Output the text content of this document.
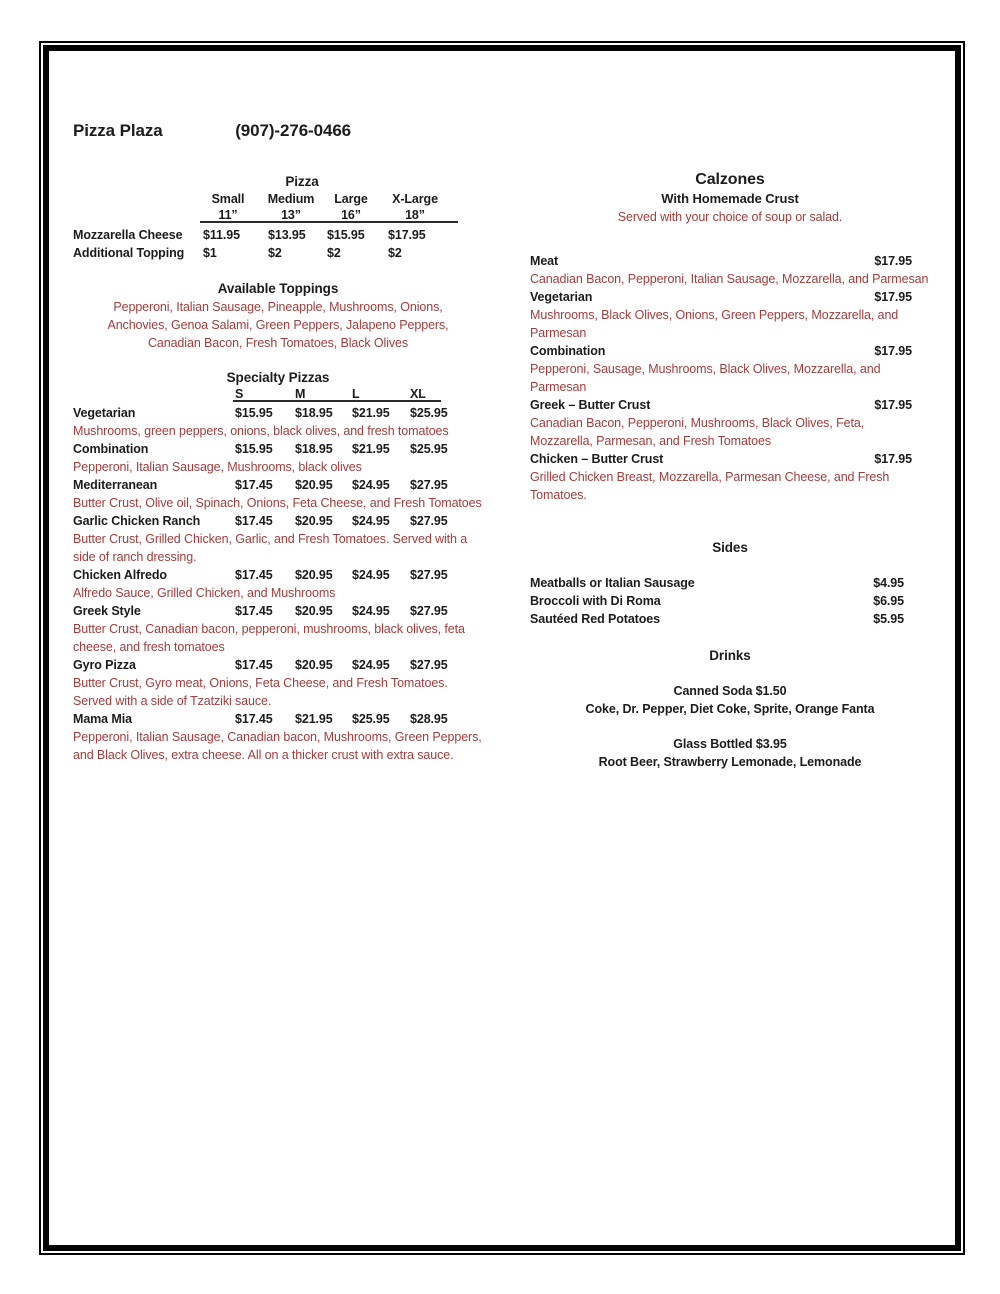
Pizza Plaza	(907)-276-0466
Pizza
Small	Medium	Large	X-Large
11”	13”	16”	18”
Mozzarella Cheese $11.95 $13.95 $15.95 $17.95
Additional Topping $1	$2	$2	$2
Available Toppings
Pepperoni, Italian Sausage, Pineapple, Mushrooms, Onions, Anchovies, Genoa Salami, Green Peppers, Jalapeno Peppers, Canadian Bacon, Fresh Tomatoes, Black Olives
Specialty Pizzas
S	M	L	XL
Vegetarian	$15.95 $18.95 $21.95 $25.95
Mushrooms, green peppers, onions, black olives, and fresh tomatoes
Combination	$15.95 $18.95 $21.95 $25.95
Pepperoni, Italian Sausage, Mushrooms, black olives
Mediterranean	$17.45 $20.95 $24.95 $27.95
Butter Crust, Olive oil, Spinach, Onions, Feta Cheese, and Fresh Tomatoes
Garlic Chicken Ranch	$17.45 $20.95 $24.95 $27.95
Butter Crust, Grilled Chicken, Garlic, and Fresh Tomatoes. Served with a side of ranch dressing.
Chicken Alfredo	$17.45 $20.95 $24.95 $27.95
Alfredo Sauce, Grilled Chicken, and Mushrooms
Greek Style	$17.45 $20.95 $24.95 $27.95
Butter Crust, Canadian bacon, pepperoni, mushrooms, black olives, feta cheese, and fresh tomatoes
Gyro Pizza	$17.45 $20.95 $24.95 $27.95
Butter Crust, Gyro meat, Onions, Feta Cheese, and Fresh Tomatoes. Served with a side of Tzatziki sauce.
Mama Mia	$17.45 $21.95 $25.95 $28.95
Pepperoni, Italian Sausage, Canadian bacon, Mushrooms, Green Peppers, and Black Olives, extra cheese. All on a thicker crust with extra sauce.
Calzones
With Homemade Crust
Served with your choice of soup or salad.
Meat	$17.95
Canadian Bacon, Pepperoni, Italian Sausage, Mozzarella, and Parmesan
Vegetarian	$17.95
Mushrooms, Black Olives, Onions, Green Peppers, Mozzarella, and Parmesan
Combination	$17.95
Pepperoni, Sausage, Mushrooms, Black Olives, Mozzarella, and Parmesan
Greek – Butter Crust	$17.95
Canadian Bacon, Pepperoni, Mushrooms, Black Olives, Feta, Mozzarella, Parmesan, and Fresh Tomatoes
Chicken – Butter Crust	$17.95
Grilled Chicken Breast, Mozzarella, Parmesan Cheese, and Fresh Tomatoes.
Sides
Meatballs or Italian Sausage	$4.95
Broccoli with Di Roma	$6.95
Sautéed Red Potatoes	$5.95
Drinks
Canned Soda $1.50
Coke, Dr. Pepper, Diet Coke, Sprite, Orange Fanta
Glass Bottled $3.95
Root Beer, Strawberry Lemonade, Lemonade
